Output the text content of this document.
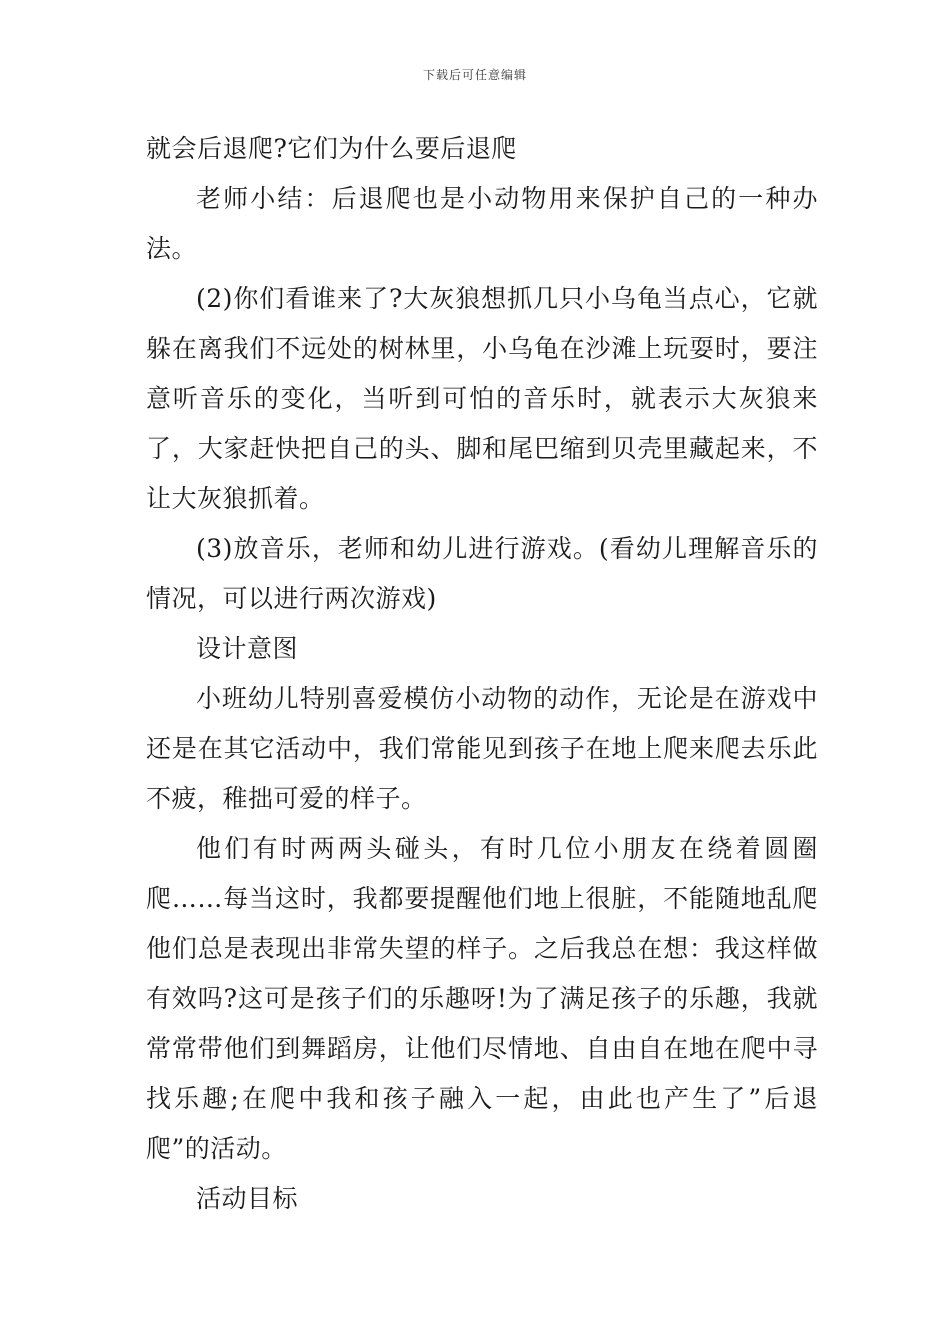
下载后可任意编辑

就会后退爬?它们为什么要后退爬

老师小结：后退爬也是小动物用来保护自己的一种办法。

(2)你们看谁来了?大灰狼想抓几只小乌龟当点心，它就躲在离我们不远处的树林里，小乌龟在沙滩上玩耍时，要注意听音乐的变化，当听到可怕的音乐时，就表示大灰狼来了，大家赶快把自己的头、脚和尾巴缩到贝壳里藏起来，不让大灰狼抓着。

(3)放音乐，老师和幼儿进行游戏。(看幼儿理解音乐的情况，可以进行两次游戏)

设计意图

小班幼儿特别喜爱模仿小动物的动作，无论是在游戏中还是在其它活动中，我们常能见到孩子在地上爬来爬去乐此不疲，稚拙可爱的样子。

他们有时两两头碰头，有时几位小朋友在绕着圆圈爬……每当这时，我都要提醒他们地上很脏，不能随地乱爬他们总是表现出非常失望的样子。之后我总在想：我这样做有效吗?这可是孩子们的乐趣呀!为了满足孩子的乐趣，我就常常带他们到舞蹈房，让他们尽情地、自由自在地在爬中寻找乐趣;在爬中我和孩子融入一起，由此也产生了”后退爬”的活动。

活动目标
